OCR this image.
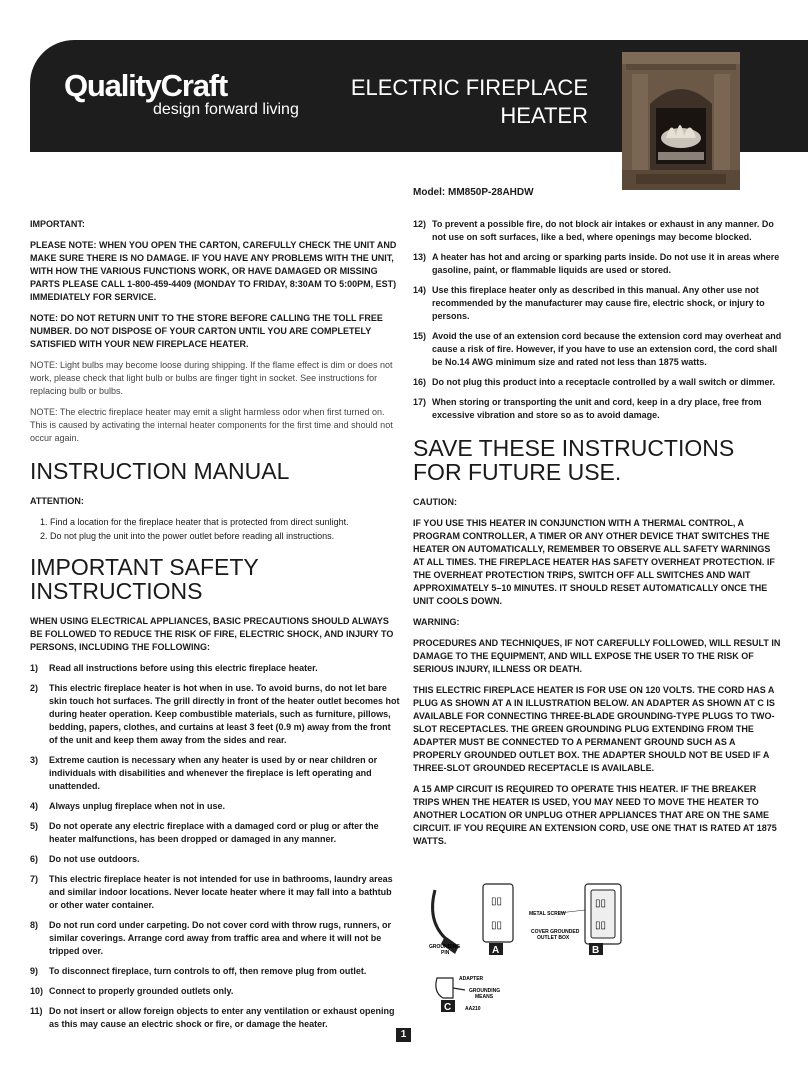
QualityCraft
design forward living
ELECTRIC FIREPLACE
HEATER
Model: MM850P-28AHDW

IMPORTANT:

PLEASE NOTE: WHEN YOU OPEN THE CARTON, CAREFULLY CHECK THE UNIT AND MAKE SURE THERE IS NO DAMAGE. IF YOU HAVE ANY PROBLEMS WITH THE UNIT, WITH HOW THE VARIOUS FUNCTIONS WORK, OR HAVE DAMAGED OR MISSING PARTS PLEASE CALL 1-800-459-4409 (MONDAY TO FRIDAY, 8:30AM TO 5:00PM, EST) IMMEDIATELY FOR SERVICE.

NOTE: DO NOT RETURN UNIT TO THE STORE BEFORE CALLING THE TOLL FREE NUMBER. DO NOT DISPOSE OF YOUR CARTON UNTIL YOU ARE COMPLETELY SATISFIED WITH YOUR NEW FIREPLACE HEATER.

NOTE: Light bulbs may become loose during shipping. If the flame effect is dim or does not work, please check that light bulb or bulbs are finger tight in socket. See instructions for replacing bulb or bulbs.

NOTE: The electric fireplace heater may emit a slight harmless odor when first turned on. This is caused by activating the internal heater components for the first time and should not occur again.

INSTRUCTION MANUAL

ATTENTION:

1. Find a location for the fireplace heater that is protected from direct sunlight.
2. Do not plug the unit into the power outlet before reading all instructions.
IMPORTANT SAFETY INSTRUCTIONS

WHEN USING ELECTRICAL APPLIANCES, BASIC PRECAUTIONS SHOULD ALWAYS BE FOLLOWED TO REDUCE THE RISK OF FIRE, ELECTRIC SHOCK, AND INJURY TO PERSONS, INCLUDING THE FOLLOWING:

1) Read all instructions before using this electric fireplace heater.
2) This electric fireplace heater is hot when in use. To avoid burns, do not let bare skin touch hot surfaces. The grill directly in front of the heater outlet becomes hot during heater operation. Keep combustible materials, such as furniture, pillows, bedding, papers, clothes, and curtains at least 3 feet (0.9 m) away from the front of the unit and keep them away from the sides and rear.
3) Extreme caution is necessary when any heater is used by or near children or individuals with disabilities and whenever the fireplace is left operating and unattended.
4) Always unplug fireplace when not in use.
5) Do not operate any electric fireplace with a damaged cord or plug or after the heater malfunctions, has been dropped or damaged in any manner.
6) Do not use outdoors.
7) This electric fireplace heater is not intended for use in bathrooms, laundry areas and similar indoor locations. Never locate heater where it may fall into a bathtub or other water container.
8) Do not run cord under carpeting. Do not cover cord with throw rugs, runners, or similar coverings. Arrange cord away from traffic area and where it will not be tripped over.
9) To disconnect fireplace, turn controls to off, then remove plug from outlet.
10) Connect to properly grounded outlets only.
11) Do not insert or allow foreign objects to enter any ventilation or exhaust opening as this may cause an electric shock or fire, or damage the heater.
12) To prevent a possible fire, do not block air intakes or exhaust in any manner. Do not use on soft surfaces, like a bed, where openings may become blocked.
13) A heater has hot and arcing or sparking parts inside. Do not use it in areas where gasoline, paint, or flammable liquids are used or stored.
14) Use this fireplace heater only as described in this manual. Any other use not recommended by the manufacturer may cause fire, electric shock, or injury to persons.
15) Avoid the use of an extension cord because the extension cord may overheat and cause a risk of fire. However, if you have to use an extension cord, the cord shall be No.14 AWG minimum size and rated not less than 1875 watts.
16) Do not plug this product into a receptacle controlled by a wall switch or dimmer.
17) When storing or transporting the unit and cord, keep in a dry place, free from excessive vibration and store so as to avoid damage.
SAVE THESE INSTRUCTIONS
FOR FUTURE USE.

CAUTION:

IF YOU USE THIS HEATER IN CONJUNCTION WITH A THERMAL CONTROL, A PROGRAM CONTROLLER, A TIMER OR ANY OTHER DEVICE THAT SWITCHES THE HEATER ON AUTOMATICALLY, REMEMBER TO OBSERVE ALL SAFETY WARNINGS AT ALL TIMES. THE FIREPLACE HEATER HAS SAFETY OVERHEAT PROTECTION. IF THE OVERHEAT PROTECTION TRIPS, SWITCH OFF ALL SWITCHES AND WAIT APPROXIMATELY 5–10 MINUTES. IT SHOULD RESET AUTOMATICALLY ONCE THE UNIT COOLS DOWN.

WARNING:

PROCEDURES AND TECHNIQUES, IF NOT CAREFULLY FOLLOWED, WILL RESULT IN DAMAGE TO THE EQUIPMENT, AND WILL EXPOSE THE USER TO THE RISK OF SERIOUS INJURY, ILLNESS OR DEATH.

THIS ELECTRIC FIREPLACE HEATER IS FOR USE ON 120 VOLTS. THE CORD HAS A PLUG AS SHOWN AT A IN ILLUSTRATION BELOW. AN ADAPTER AS SHOWN AT C IS AVAILABLE FOR CONNECTING THREE-BLADE GROUNDING-TYPE PLUGS TO TWO-SLOT RECEPTACLES. THE GREEN GROUNDING PLUG EXTENDING FROM THE ADAPTER MUST BE CONNECTED TO A PERMANENT GROUND SUCH AS A PROPERLY GROUNDED OUTLET BOX. THE ADAPTER SHOULD NOT BE USED IF A THREE-SLOT GROUNDED RECEPTACLE IS AVAILABLE.

A 15 AMP CIRCUIT IS REQUIRED TO OPERATE THIS HEATER. IF THE BREAKER TRIPS WHEN THE HEATER IS USED, YOU MAY NEED TO MOVE THE HEATER TO ANOTHER LOCATION OR UNPLUG OTHER APPLIANCES THAT ARE ON THE SAME CIRCUIT. IF YOU REQUIRE AN EXTENSION CORD, USE ONE THAT IS RATED AT 1875 WATTS.

GROUNDING
PIN
▯▯
▯▯
A
METAL SCREW
COVER GROUNDED
OUTLET BOX
▯▯
▯▯
B
ADAPTER
GROUNDING
MEANS
C	AA210
1
